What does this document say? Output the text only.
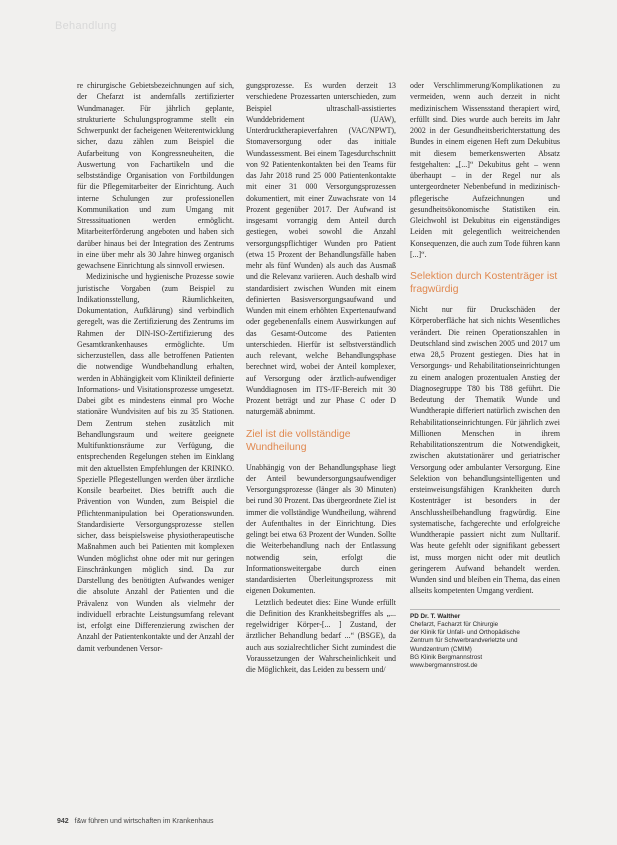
Behandlung

re chirurgische Gebietsbezeichnungen auf sich, der Chefarzt ist andernfalls zertifizierter Wundmanager. Für jährlich geplante, strukturierte Schulungsprogramme stellt ein Schwerpunkt der facheigenen Weiterentwicklung sicher, dazu zählen zum Beispiel die Aufarbeitung von Kongressneuheiten, die Auswertung von Fachartikeln und die selbstständige Organisation von Fortbildungen für die Pflegemitarbeiter der Einrichtung. Auch interne Schulungen zur professionellen Kommunikation und zum Umgang mit Stresssituationen werden ermöglicht. Mitarbeiterförderung angeboten und haben sich darüber hinaus bei der Integration des Zentrums in eine über mehr als 30 Jahre hinweg organisch gewachsene Einrichtung als sinnvoll erwiesen.

Medizinische und hygienische Prozesse sowie juristische Vorgaben (zum Beispiel zu Indikationsstellung, Räumlichkeiten, Dokumentation, Aufklärung) sind verbindlich geregelt, was die Zertifizierung des Zentrums im Rahmen der DIN-ISO-Zertifizierung des Gesamtkrankenhauses ermöglichte. Um sicherzustellen, dass alle betroffenen Patienten die notwendige Wundbehandlung erhalten, werden in Abhängigkeit vom Klinikteil definierte Informations- und Visitationsprozesse umgesetzt. Dabei gibt es mindestens einmal pro Woche stationäre Wundvisiten auf bis zu 35 Stationen. Dem Zentrum stehen zusätzlich mit Behandlungsraum und weitere geeignete Multifunktionsräume zur Verfügung, die entsprechenden Regelungen stehen im Einklang mit den aktuellsten Empfehlungen der KRINKO. Spezielle Pflegestellungen werden über ärztliche Konsile bearbeitet. Dies betrifft auch die Prävention von Wunden, zum Beispiel die Pflichtenmanipulation bei Operationswunden. Standardisierte Versorgungsprozesse stellen sicher, dass beispielsweise physiotherapeutische Maßnahmen auch bei Patienten mit komplexen Wunden möglichst ohne oder mit nur geringen Einschränkungen möglich sind. Da zur Darstellung des benötigten Aufwandes weniger die absolute Anzahl der Patienten und die Prävalenz von Wunden als vielmehr der individuell erbrachte Leistungsumfang relevant ist, erfolgt eine Differenzierung zwischen der Anzahl der Patientenkontakte und der Anzahl der damit verbundenen Versor-

gungsprozesse. Es wurden derzeit 13 verschiedene Prozessarten unterschieden, zum Beispiel ultraschall-assistiertes Wunddebridement (UAW), Unterdrucktherapieverfahren (VAC/NPWT), Stomaversorgung oder das initiale Wundassessment. Bei einem Tagesdurchschnitt von 92 Patientenkontakten bei den Teams für das Jahr 2018 rund 25 000 Patientenkontakte mit einer 31 000 Versorgungsprozessen dokumentiert, mit einer Zuwachsrate von 14 Prozent gegenüber 2017. Der Aufwand ist insgesamt vorrangig dem Anteil durch gestiegen, wobei sowohl die Anzahl versorgungspflichtiger Wunden pro Patient (etwa 15 Prozent der Behandlungsfälle haben mehr als fünf Wunden) als auch das Ausmaß und die Relevanz variieren. Auch deshalb wird standardisiert zwischen Wunden mit einem definierten Basisversorgungsaufwand und Wunden mit einem erhöhten Expertenaufwand oder gegebenenfalls einem Auswirkungen auf das Gesamt-Outcome des Patienten unterschieden. Hierfür ist selbstverständlich auch relevant, welche Behandlungsphase berechnet wird, wobei der Anteil komplexer, auf Versorgung oder ärztlich-aufwendiger Wunddiagnosen im ITS-/IF-Bereich mit 30 Prozent beträgt und zur Phase C oder D naturgemäß abnimmt.

Ziel ist die vollständige Wundheilung

Unabhängig von der Behandlungsphase liegt der Anteil bewundersorgungsaufwendiger Versorgungsprozesse (länger als 30 Minuten) bei rund 30 Prozent. Das übergeordnete Ziel ist immer die vollständige Wundheilung, während der Aufenthaltes in der Einrichtung. Dies gelingt bei etwa 63 Prozent der Wunden. Sollte die Weiterbehandlung nach der Entlassung notwendig sein, erfolgt die Informationsweitergabe durch einen standardisierten Überleitungsprozess mit eigenen Dokumenten.

Letztlich bedeutet dies: Eine Wunde erfüllt die Definition des Krankheitsbegriffes als „... regelwidriger Körper-[... ] Zustand, der ärztlicher Behandlung bedarf ...“ (BSGE), da auch aus sozialrechtlicher Sicht zumindest die Voraussetzungen der Wahrscheinlichkeit und die Möglichkeit, das Leiden zu bessern und/

oder Verschlimmerung/Komplikationen zu vermeiden, wenn auch derzeit in nicht medizinischem Wissensstand therapiert wird, erfüllt sind. Dies wurde auch bereits im Jahr 2002 in der Gesundheitsberichterstattung des Bundes in einem eigenen Heft zum Dekubitus mit diesem bemerkenswerten Absatz festgehalten: „[...]“ Dekubitus geht – wenn überhaupt – in der Regel nur als untergeordneter Nebenbefund in medizinisch-pflegerische Aufzeichnungen und gesundheitsökonomische Statistiken ein. Gleichwohl ist Dekubitus ein eigenständiges Leiden mit gelegentlich weitreichenden Konsequenzen, die auch zum Tode führen kann [...]“.

Selektion durch Kostenträger ist fragwürdig

Nicht nur für Druckschäden der Körperoberfläche hat sich nichts Wesentliches verändert. Die reinen Operationszahlen in Deutschland sind zwischen 2005 und 2017 um etwa 28,5 Prozent gestiegen. Dies hat in Versorgungs- und Rehabilitationseinrichtungen zu einem analogen prozentualen Anstieg der Diagnosegruppe T80 bis T88 geführt. Die Bedeutung der Thematik Wunde und Wundtherapie differiert natürlich zwischen den Rehabilitationseinrichtungen. Für jährlich zwei Millionen Menschen in ihrem Rehabilitationszentrum die Notwendigkeit, zwischen akutstationärer und geriatrischer Versorgung oder ambulanter Versorgung. Eine Selektion von behandlungsintelligenten und ersteinweisungsfähigen Krankheiten durch Kostenträger ist besonders in der Anschlussheilbehandlung fragwürdig. Eine systematische, fachgerechte und erfolgreiche Wundtherapie passiert nicht zum Nulltarif. Was heute gefehlt oder signifikant gebessert ist, muss morgen nicht oder mit deutlich geringerem Aufwand behandelt werden. Wunden sind und bleiben ein Thema, das einen allseits kompetenten Umgang verdient.

PD Dr. T. Walther
Chefarzt, Facharzt für Chirurgie
der Klinik für Unfall- und Orthopädische
Zentrum für Schwerbrandverletzte und
Wundzentrum (CMIM)
BG Klinik Bergmannstrost
www.bergmannstrost.de
942 f&w führen und wirtschaften im Krankenhaus
